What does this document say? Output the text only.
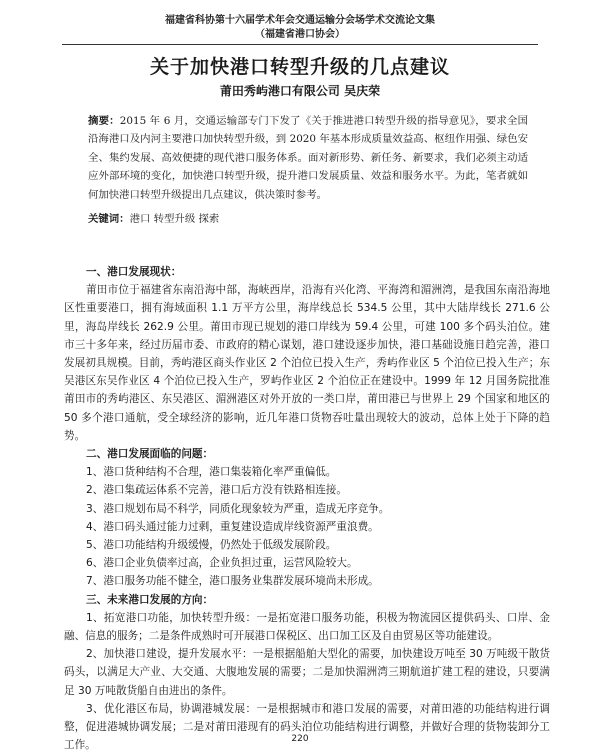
福建省科协第十六届学术年会交通运输分会场学术交流论文集
（福建省港口协会）
关于加快港口转型升级的几点建议
莆田秀屿港口有限公司 吴庆荣
摘要：2015 年 6 月，交通运输部专门下发了《关于推进港口转型升级的指导意见》，要求全国沿海港口及内河主要港口加快转型升级，到 2020 年基本形成质量效益高、枢纽作用强、绿色安全、集约发展、高效便捷的现代港口服务体系。面对新形势、新任务、新要求，我们必须主动适应外部环境的变化，加快港口转型升级，提升港口发展质量、效益和服务水平。为此，笔者就如何加快港口转型升级提出几点建议，供决策时参考。
关键词：港口 转型升级 探索

一、港口发展现状：

莆田市位于福建省东南沿海中部，海峡西岸，沿海有兴化湾、平海湾和湄洲湾，是我国东南沿海地区性重要港口，拥有海域面积 1.1 万平方公里，海岸线总长 534.5 公里，其中大陆岸线长 271.6 公里，海岛岸线长 262.9 公里。莆田市现已规划的港口岸线为 59.4 公里，可建 100 多个码头泊位。建市三十多年来，经过历届市委、市政府的精心谋划，港口建设逐步加快，港口基础设施日趋完善，港口发展初具规模。目前，秀屿港区商头作业区 2 个泊位已投入生产，秀屿作业区 5 个泊位已投入生产；东吴港区东吴作业区 4 个泊位已投入生产，罗屿作业区 2 个泊位正在建设中。1999 年 12 月国务院批准莆田市的秀屿港区、东吴港区、湄洲港区对外开放的一类口岸，莆田港已与世界上 29 个国家和地区的 50 多个港口通航，受全球经济的影响，近几年港口货物吞吐量出现较大的波动，总体上处于下降的趋势。

二、港口发展面临的问题：

1、港口货种结构不合理，港口集装箱化率严重偏低。

2、港口集疏运体系不完善，港口后方没有铁路相连接。

3、港口规划布局不科学，同质化现象较为严重，造成无序竞争。

4、港口码头通过能力过剩，重复建设造成岸线资源严重浪费。

5、港口功能结构升级缓慢，仍然处于低级发展阶段。

6、港口企业负债率过高，企业负担过重，运营风险较大。

7、港口服务功能不健全，港口服务业集群发展环境尚未形成。

三、未来港口发展的方向：

1、拓宽港口功能，加快转型升级：一是拓宽港口服务功能，积极为物流园区提供码头、口岸、金融、信息的服务；二是条件成熟时可开展港口保税区、出口加工区及自由贸易区等功能建设。

2、加快港口建设，提升发展水平：一是根据船舶大型化的需要，加快建设万吨至 30 万吨级干散货码头，以满足大产业、大交通、大腹地发展的需要；二是加快湄洲湾三期航道扩建工程的建设，只要满足 30 万吨散货船自由进出的条件。

3、优化港区布局，协调港城发展：一是根据城市和港口发展的需要，对莆田港的功能结构进行调整，促进港城协调发展；二是对莆田港现有的码头泊位功能结构进行调整，并做好合理的货物装卸分工工作。

220
